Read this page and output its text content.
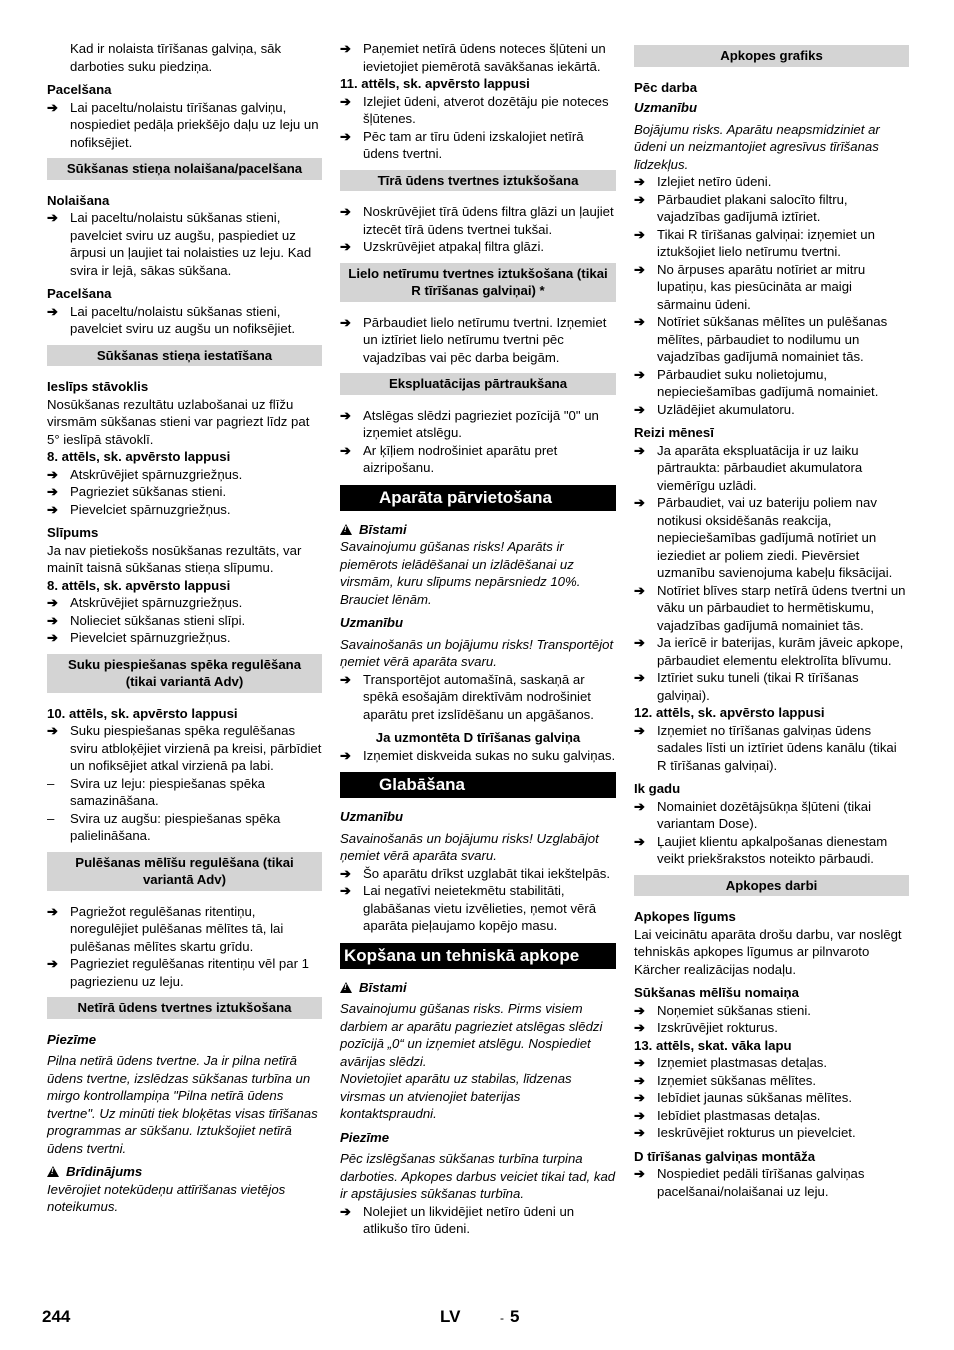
Kad ir nolaista tīrīšanas galviņa, sāk darboties suku piedziņa.

Pacelšana
➔ Lai paceltu/nolaistu tīrīšanas galviņu, nospiediet pedāļa priekšējo daļu uz leju un nofiksējiet.
Sūkšanas stieņa nolaišana/pacelšana
Nolaišana
➔ Lai paceltu/nolaistu sūkšanas stieni, pavelciet sviru uz augšu, paspiediet uz ārpusi un ļaujiet tai nolaisties uz leju. Kad svira ir lejā, sākas sūkšana.
Pacelšana
➔ Lai paceltu/nolaistu sūkšanas stieni, pavelciet sviru uz augšu un nofiksējiet.
Sūkšanas stieņa iestatīšana
Ieslīps stāvoklis

Nosūkšanas rezultātu uzlabošanai uz flīžu virsmām sūkšanas stieni var pagriezt līdz pat 5° ieslīpā stāvoklī.

8. attēls, sk. apvērsto lappusi
➔ Atskrūvējiet spārnuzgriežņus.
➔ Pagrieziet sūkšanas stieni.
➔ Pievelciet spārnuzgriežņus.
Slīpums

Ja nav pietiekošs nosūkšanas rezultāts, var mainīt taisnā sūkšanas stieņa slīpumu.

8. attēls, sk. apvērsto lappusi
➔ Atskrūvējiet spārnuzgriežņus.
➔ Nolieciet sūkšanas stieni slīpi.
➔ Pievelciet spārnuzgriežņus.
Suku piespiešanas spēka regulēšana (tikai variantā Adv)
10. attēls, sk. apvērsto lappusi
➔ Suku piespiešanas spēka regulēšanas sviru atbloķējiet virzienā pa kreisi, pārbīdiet un nofiksējiet atkal virzienā pa labi.
–	Svira uz leju: piespiešanas spēka samazināšana.
–	Svira uz augšu: piespiešanas spēka palielināšana.
Pulēšanas mēlīšu regulēšana (tikai variantā Adv)
➔ Pagriežot regulēšanas ritentiņu, noregulējiet pulēšanas mēlītes tā, lai pulēšanas mēlītes skartu grīdu.
➔ Pagrieziet regulēšanas ritentiņu vēl par 1 pagriezienu uz leju.
Netīrā ūdens tvertnes iztukšošana
Piezīme

Pilna netīrā ūdens tvertne. Ja ir pilna netīrā ūdens tvertne, izslēdzas sūkšanas turbīna un mirgo kontrollampiņa "Pilna netīrā ūdens tvertne". Uz minūti tiek bloķētas visas tīrīšanas programmas ar sūkšanu. Iztukšojiet netīrā ūdens tvertni.

!Brīdinājums

Ievērojiet notekūdeņu attīrīšanas vietējos noteikumus.

➔ Paņemiet netīrā ūdens noteces šļūteni un ievietojiet piemērotā savākšanas iekārtā.
11. attēls, sk. apvērsto lappusi
➔ Izlejiet ūdeni, atverot dozētāju pie noteces šļūtenes.
➔ Pēc tam ar tīru ūdeni izskalojiet netīrā ūdens tvertni.
Tīrā ūdens tvertnes iztukšošana
➔ Noskrūvējiet tīrā ūdens filtra glāzi un ļaujiet iztecēt tīrā ūdens tvertnei tukšai.
➔ Uzskrūvējiet atpakaļ filtra glāzi.
Lielo netīrumu tvertnes iztukšošana (tikai R tīrīšanas galviņai) *
➔ Pārbaudiet lielo netīrumu tvertni. Izņemiet un iztīriet lielo netīrumu tvertni pēc vajadzības vai pēc darba beigām.
Ekspluatācijas pārtraukšana
➔ Atslēgas slēdzi pagrieziet pozīcijā "0" un izņemiet atslēgu.
➔ Ar ķīļiem nodrošiniet aparātu pret aizripošanu.
Aparāta pārvietošana
!Bīstami

Savainojumu gūšanas risks! Aparāts ir piemērots ielādēšanai un izlādēšanai uz virsmām, kuru slīpums nepārsniedz 10%. Brauciet lēnām.

Uzmanību

Savainošanās un bojājumu risks! Transportējot ņemiet vērā aparāta svaru.

➔ Transportējot automašīnā, saskaņā ar spēkā esošajām direktīvām nodrošiniet aparātu pret izslīdēšanu un apgāšanos.
Ja uzmontēta D tīrīšanas galviņa
➔ Izņemiet diskveida sukas no suku galviņas.
Glabāšana
Uzmanību

Savainošanās un bojājumu risks! Uzglabājot ņemiet vērā aparāta svaru.

➔ Šo aparātu drīkst uzglabāt tikai iekštelpās.
➔ Lai negatīvi neietekmētu stabilitāti, glabāšanas vietu izvēlieties, ņemot vērā aparāta pieļaujamo kopējo masu.
Kopšana un tehniskā apkope
!Bīstami

Savainojumu gūšanas risks. Pirms visiem darbiem ar aparātu pagrieziet atslēgas slēdzi pozīcijā „0“ un izņemiet atslēgu. Nospiediet avārijas slēdzi.

Novietojiet aparātu uz stabilas, līdzenas virsmas un atvienojiet baterijas kontaktspraudni.

Piezīme

Pēc izslēgšanas sūkšanas turbīna turpina darboties. Apkopes darbus veiciet tikai tad, kad ir apstājusies sūkšanas turbīna.

➔ Nolejiet un likvidējiet netīro ūdeni un atlikušo tīro ūdeni.
Apkopes grafiks
Pēc darba
Uzmanību

Bojājumu risks. Aparātu neapsmidziniet ar ūdeni un neizmantojiet agresīvus tīrīšanas līdzekļus.

➔ Izlejiet netīro ūdeni.
➔ Pārbaudiet plakani salocīto filtru, vajadzības gadījumā iztīriet.
➔ Tikai R tīrīšanas galviņai: izņemiet un iztukšojiet lielo netīrumu tvertni.
➔ No ārpuses aparātu notīriet ar mitru lupatiņu, kas piesūcināta ar maigi sārmainu ūdeni.
➔ Notīriet sūkšanas mēlītes un pulēšanas mēlītes, pārbaudiet to nodilumu un vajadzības gadījumā nomainiet tās.
➔ Pārbaudiet suku nolietojumu, nepieciešamības gadījumā nomainiet.
➔ Uzlādējiet akumulatoru.
Reizi mēnesī
➔ Ja aparāta ekspluatācija ir uz laiku pārtraukta: pārbaudiet akumulatora viemērīgu uzlādi.
➔ Pārbaudiet, vai uz bateriju poliem nav notikusi oksidēšanās reakcija, nepieciešamības gadījumā notīriet un ieziediet ar poliem ziedi. Pievērsiet uzmanību savienojuma kabeļu fiksācijai.
➔ Notīriet blīves starp netīrā ūdens tvertni un vāku un pārbaudiet to hermētiskumu, vajadzības gadījumā nomainiet tās.
➔ Ja ierīcē ir baterijas, kurām jāveic apkope, pārbaudiet elementu elektrolīta blīvumu.
➔ Iztīriet suku tuneli (tikai R tīrīšanas galviņai).
12. attēls, sk. apvērsto lappusi
➔ Izņemiet no tīrīšanas galviņas ūdens sadales līsti un iztīriet ūdens kanālu (tikai R tīrīšanas galviņai).
Ik gadu
➔ Nomainiet dozētājsūkņa šļūteni (tikai variantam Dose).
➔ Ļaujiet klientu apkalpošanas dienestam veikt priekšrakstos noteikto pārbaudi.
Apkopes darbi
Apkopes līgums

Lai veicinātu aparāta drošu darbu, var noslēgt tehniskās apkopes līgumus ar pilnvaroto Kärcher realizācijas nodaļu.

Sūkšanas mēlīšu nomaiņa
➔ Noņemiet sūkšanas stieni.
➔ Izskrūvējiet rokturus.
13. attēls, skat. vāka lapu
➔ Izņemiet plastmasas detaļas.
➔ Izņemiet sūkšanas mēlītes.
➔ Iebīdiet jaunas sūkšanas mēlītes.
➔ Iebīdiet plastmasas detaļas.
➔ Ieskrūvējiet rokturus un pievelciet.
D tīrīšanas galviņas montāža
➔ Nospiediet pedāli tīrīšanas galviņas pacelšanai/nolaišanai uz leju.
244	LV	- 5
